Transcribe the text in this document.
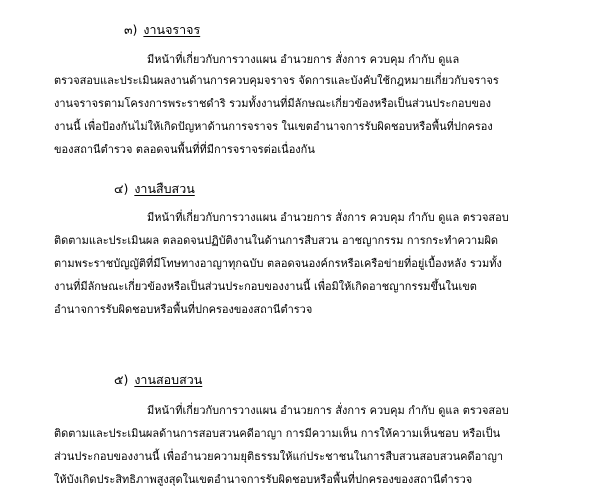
๓) งานจราจร
มีหน้าที่เกี่ยวกับการวางแผน อำนวยการ สั่งการ ควบคุม กำกับ ดูแล
ตรวจสอบและประเมินผลงานด้านการควบคุมจราจร จัดการและบังคับใช้กฎหมายเกี่ยวกับจราจร
งานจราจรตามโครงการพระราชดำริ รวมทั้งงานที่มีลักษณะเกี่ยวข้องหรือเป็นส่วนประกอบของ
งานนี้ เพื่อป้องกันไม่ให้เกิดปัญหาด้านการจราจร ในเขตอำนาจการรับผิดชอบหรือพื้นที่ปกครอง
ของสถานีตำรวจ ตลอดจนพื้นที่ที่มีการจราจรต่อเนื่องกัน
๔) งานสืบสวน
มีหน้าที่เกี่ยวกับการวางแผน อำนวยการ สั่งการ ควบคุม กำกับ ดูแล ตรวจสอบ
ติดตามและประเมินผล ตลอดจนปฏิบัติงานในด้านการสืบสวน อาชญากรรม การกระทำความผิด
ตามพระราชบัญญัติที่มีโทษทางอาญาทุกฉบับ ตลอดจนองค์กรหรือเครือข่ายที่อยู่เบื้องหลัง รวมทั้ง
งานที่มีลักษณะเกี่ยวข้องหรือเป็นส่วนประกอบของงานนี้ เพื่อมิให้เกิดอาชญากรรมขึ้นในเขต
อำนาจการรับผิดชอบหรือพื้นที่ปกครองของสถานีตำรวจ
๕) งานสอบสวน
มีหน้าที่เกี่ยวกับการวางแผน อำนวยการ สั่งการ ควบคุม กำกับ ดูแล ตรวจสอบ
ติดตามและประเมินผลด้านการสอบสวนคดีอาญา การมีความเห็น การให้ความเห็นชอบ หรือเป็น
ส่วนประกอบของงานนี้ เพื่ออำนวยความยุติธรรมให้แก่ประชาชนในการสืบสวนสอบสวนคดีอาญา
ให้บังเกิดประสิทธิภาพสูงสุดในเขตอำนาจการรับผิดชอบหรือพื้นที่ปกครองของสถานีตำรวจ
